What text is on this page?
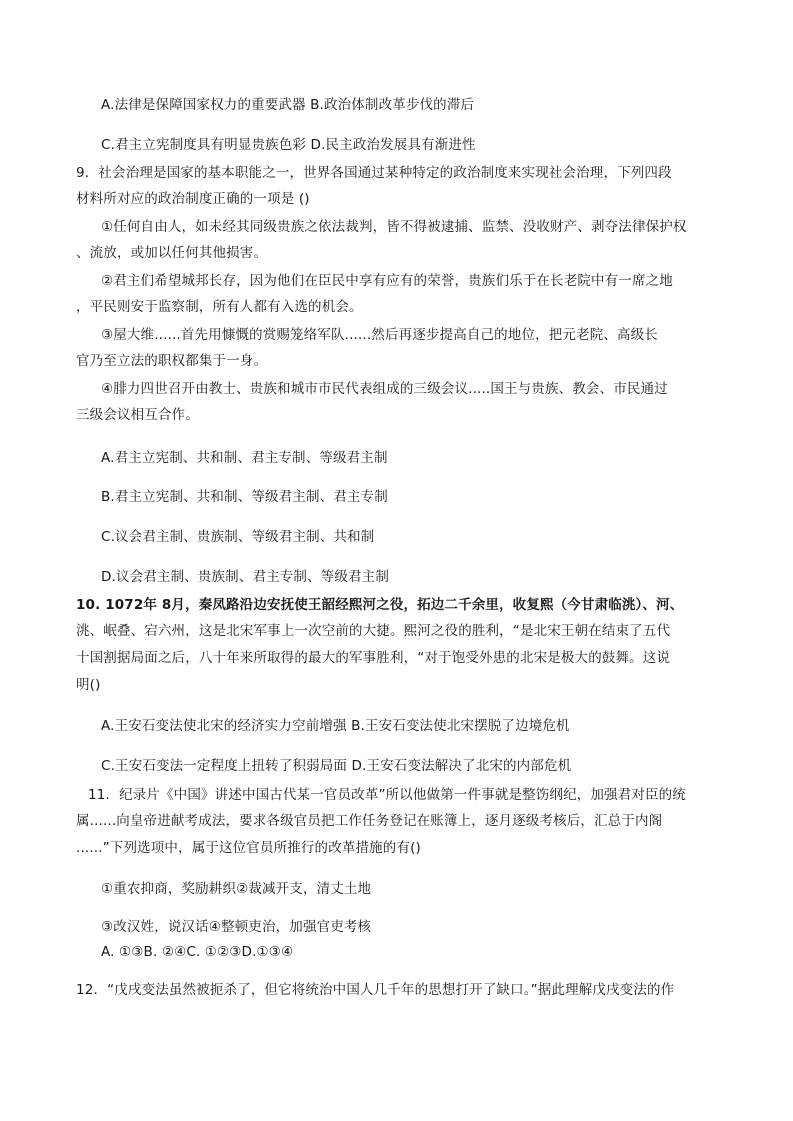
A.法律是保障国家权力的重要武器 B.政治体制改革步伐的滞后

C.君主立宪制度具有明显贵族色彩 D.民主政治发展具有渐进性

9．社会治理是国家的基本职能之一，世界各国通过某种特定的政治制度来实现社会治理，下列四段

材料所对应的政治制度正确的一项是 ()

①任何自由人，如未经其同级贵族之依法裁判，皆不得被逮捕、监禁、没收财产、剥夺法律保护权

、流放，或加以任何其他损害。

②君主们希望城邦长存，因为他们在臣民中享有应有的荣誉，贵族们乐于在长老院中有一席之地

，平民则安于监察制，所有人都有入选的机会。

③屋大维......首先用慷慨的赏赐笼络军队......然后再逐步提高自己的地位，把元老院、高级长

官乃至立法的职权都集于一身。

④腓力四世召开由教士、贵族和城市市民代表组成的三级会议.....国王与贵族、教会、市民通过

三级会议相互合作。

A.君主立宪制、共和制、君主专制、等级君主制

B.君主立宪制、共和制、等级君主制、君主专制

C.议会君主制、贵族制、等级君主制、共和制

D.议会君主制、贵族制、君主专制、等级君主制

10. 1072年 8月，秦凤路沿边安抚使王韶经熙河之役，拓边二千余里，收复熙（今甘肃临洮）、河、

洮、岷叠、宕六州，这是北宋军事上一次空前的大捷。熙河之役的胜利，“是北宋王朝在结束了五代

十国割据局面之后，八十年来所取得的最大的军事胜利，“对于饱受外患的北宋是极大的鼓舞。这说

明()

A.王安石变法使北宋的经济实力空前增强 B.王安石变法使北宋摆脱了边境危机

C.王安石变法一定程度上扭转了积弱局面 D.王安石变法解决了北宋的内部危机

11．纪录片《中国》讲述中国古代某一官员改革”所以他做第一件事就是整饬纲纪，加强君对臣的统

属......向皇帝进献考成法，要求各级官员把工作任务登记在账簿上，逐月逐级考核后，汇总于内阁

......”下列选项中，属于这位官员所推行的改革措施的有()

①重农抑商，奖励耕织②裁减开支，清丈土地

③改汉姓，说汉话④整顿吏治，加强官吏考核

A. ①③B. ②④C. ①②③D.①③④

12．“戊戌变法虽然被扼杀了，但它将统治中国人几千年的思想打开了缺口。”据此理解戊戌变法的作
